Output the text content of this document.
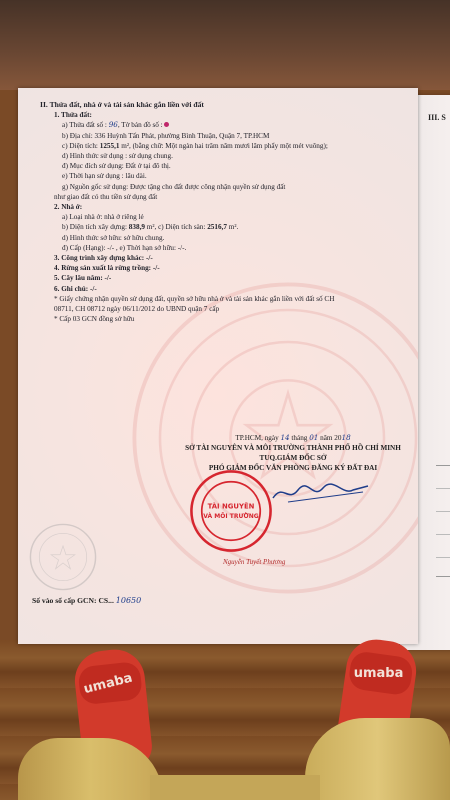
III. S
II. Thửa đất, nhà ở và tài sản khác gắn liền với đất
1. Thửa đất:
a) Thửa đất số : 96, Tờ bản đồ số :
b) Địa chỉ: 336 Huỳnh Tấn Phát, phường Bình Thuận, Quận 7, TP.HCM
c) Diện tích: 1255,1 m², (bằng chữ: Một ngàn hai trăm năm mươi lăm phẩy một mét vuông);
d) Hình thức sử dụng : sử dụng chung.
đ) Mục đích sử dụng: Đất ở tại đô thị.
e) Thời hạn sử dụng : lâu dài.
g) Nguồn gốc sử dụng: Được tặng cho đất được công nhận quyền sử dụng đất
như giao đất có thu tiền sử dụng đất
2. Nhà ở:
a) Loại nhà ở: nhà ở riêng lẻ
b) Diện tích xây dựng: 838,9 m², c) Diện tích sàn: 2516,7 m².
d) Hình thức sở hữu: sở hữu chung.
đ) Cấp (Hạng): -/- , e) Thời hạn sở hữu: -/-.
3. Công trình xây dựng khác: -/-
4. Rừng sản xuất là rừng trồng: -/-
5. Cây lâu năm: -/-
6. Ghi chú: -/-
* Giấy chứng nhận quyền sử dụng đất, quyền sở hữu nhà ở và tài sản khác gắn liền với đất số CH
08711, CH 08712 ngày 06/11/2012 do UBND quận 7 cấp
* Cấp 03 GCN đồng sở hữu
TP.HCM, ngày 14 tháng 01 năm 2018
SỞ TÀI NGUYÊN VÀ MÔI TRƯỜNG THÀNH PHỐ HỒ CHÍ MINH
TUQ.GIÁM ĐỐC SỞ
PHÓ GIÁM ĐỐC VĂN PHÒNG ĐĂNG KÝ ĐẤT ĐAI
TÀI NGUYÊN
VÀ MÔI TRƯỜNG
Nguyễn Tuyết Phương
Số vào sổ cấp GCN: CS... 10650
umaba	umaba
